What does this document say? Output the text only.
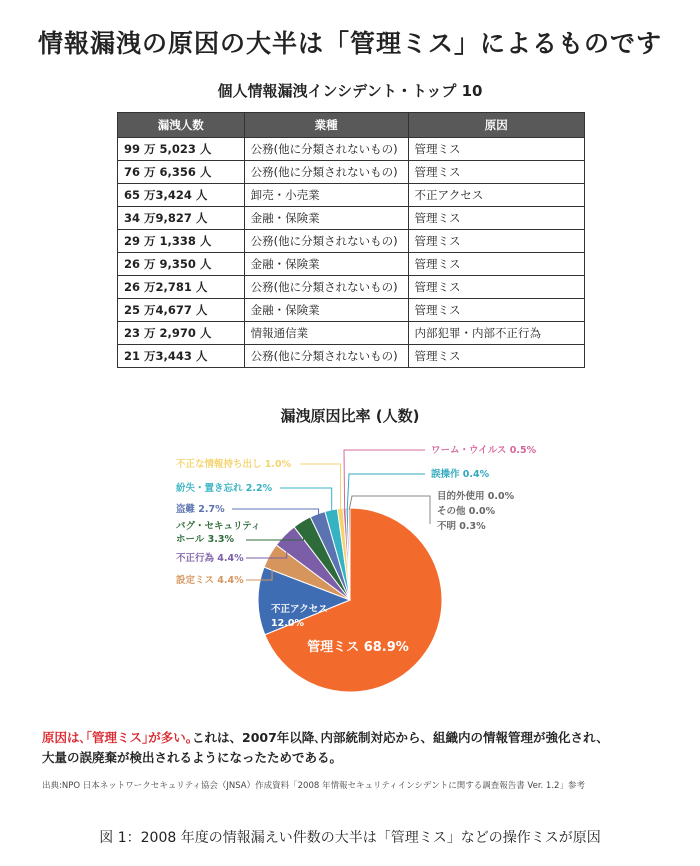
情報漏洩の原因の大半は「管理ミス」によるものです
個人情報漏洩インシデント・トップ 10
漏洩人数	業種	原因
99 万 5,023 人	公務(他に分類されないもの)	管理ミス
76 万 6,356 人	公務(他に分類されないもの)	管理ミス
65 万3,424 人	卸売・小売業	不正アクセス
34 万9,827 人	金融・保険業	管理ミス
29 万 1,338 人	公務(他に分類されないもの)	管理ミス
26 万 9,350 人	金融・保険業	管理ミス
26 万2,781 人	公務(他に分類されないもの)	管理ミス
25 万4,677 人	金融・保険業	管理ミス
23 万 2,970 人	情報通信業	内部犯罪・内部不正行為
21 万3,443 人	公務(他に分類されないもの)	管理ミス
漏洩原因比率 (人数)
管理ミス 68.9%
不正アクセス
12.0%
設定ミス 4.4%
不正行為 4.4%
バグ・セキュリティ
ホール 3.3%
盗難 2.7%
紛失・置き忘れ 2.2%
不正な情報持ち出し 1.0%
ワーム・ウイルス 0.5%
誤操作 0.4%
目的外使用 0.0%
その他 0.0%
不明 0.3%
原因は､｢管理ミス｣が多い｡これは、2007年以降､内部統制対応から、組織内の情報管理が強化され、
大量の誤廃棄が検出されるようになったためである。
出典:NPO 日本ネットワークセキュリティ協会（JNSA）作成資料「2008 年情報セキュリティインシデントに関する調査報告書 Ver. 1.2」参考
図 1：2008 年度の情報漏えい件数の大半は「管理ミス」などの操作ミスが原因
